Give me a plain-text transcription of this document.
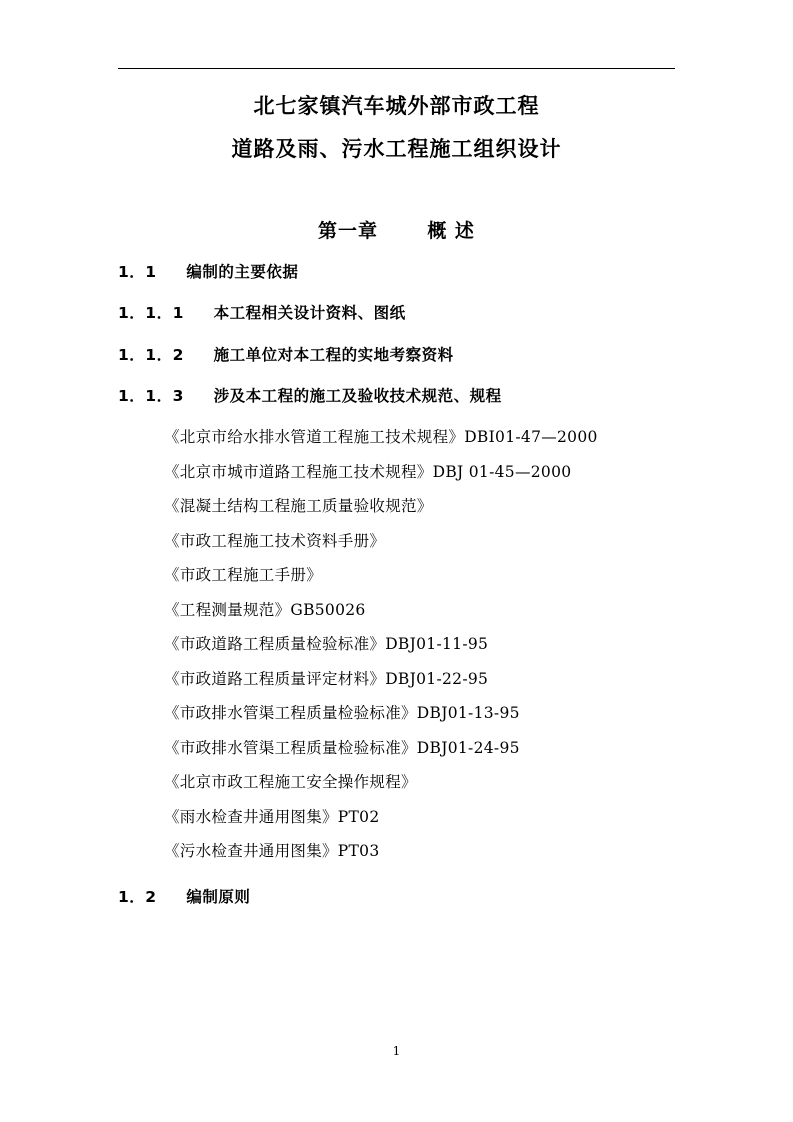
北七家镇汽车城外部市政工程
道路及雨、污水工程施工组织设计
第一章	概 述
1．1 编制的主要依据
1．1．1 本工程相关设计资料、图纸
1．1．2 施工单位对本工程的实地考察资料
1．1．3 涉及本工程的施工及验收技术规范、规程
《北京市给水排水管道工程施工技术规程》DBI01-47—2000
《北京市城市道路工程施工技术规程》DBJ 01-45—2000
《混凝土结构工程施工质量验收规范》
《市政工程施工技术资料手册》
《市政工程施工手册》
《工程测量规范》GB50026
《市政道路工程质量检验标准》DBJ01-11-95
《市政道路工程质量评定材料》DBJ01-22-95
《市政排水管渠工程质量检验标准》DBJ01-13-95
《市政排水管渠工程质量检验标准》DBJ01-24-95
《北京市政工程施工安全操作规程》
《雨水检查井通用图集》PT02
《污水检查井通用图集》PT03
1．2 编制原则
1
